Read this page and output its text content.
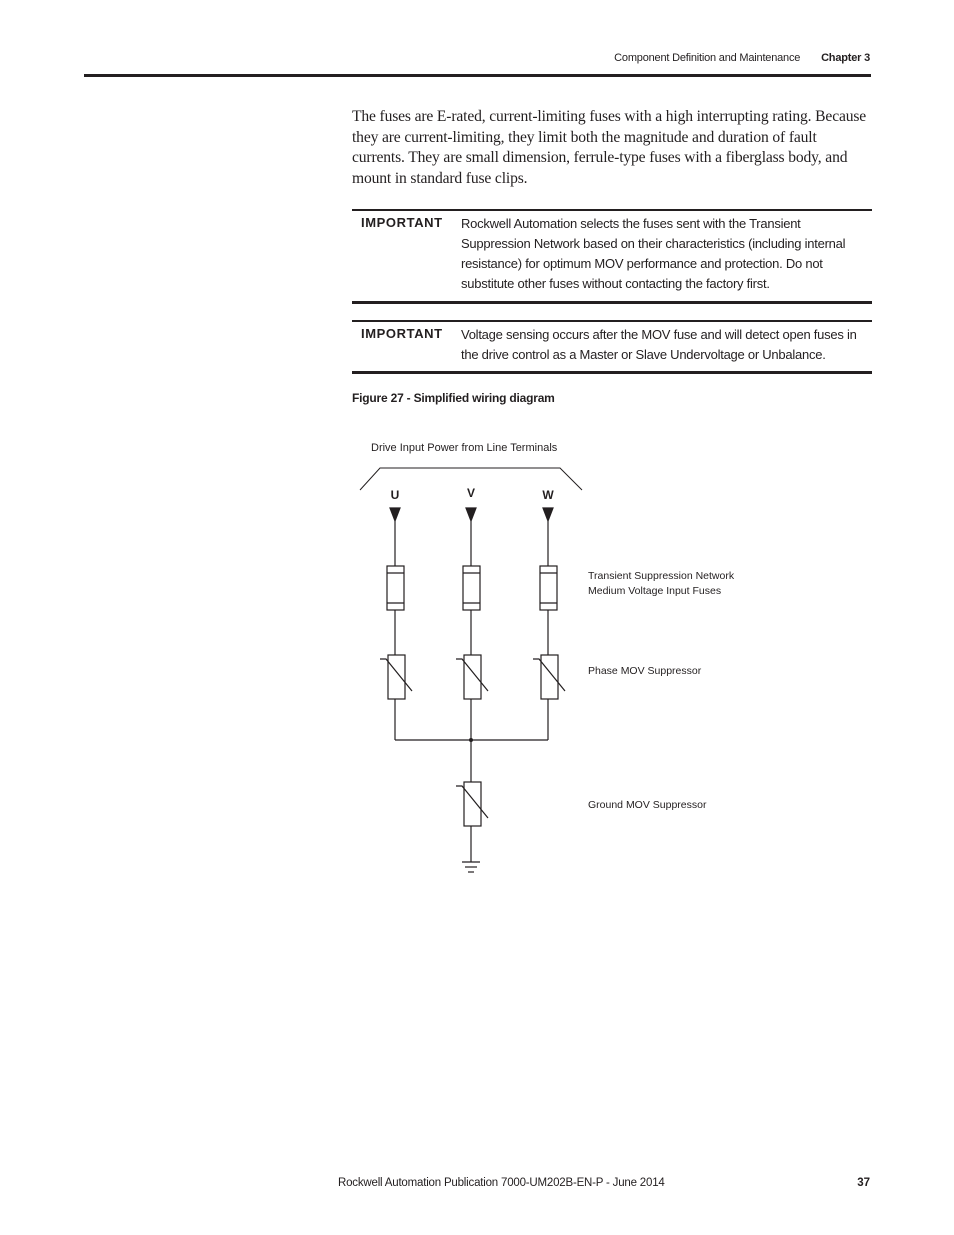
Component Definition and Maintenance Chapter 3

The fuses are E-rated, current-limiting fuses with a high interrupting rating. Because they are current-limiting, they limit both the magnitude and duration of fault currents. They are small dimension, ferrule-type fuses with a fiberglass body, and mount in standard fuse clips.

IMPORTANT Rockwell Automation selects the fuses sent with the Transient Suppression Network based on their characteristics (including internal resistance) for optimum MOV performance and protection. Do not substitute other fuses without contacting the factory first.
IMPORTANT Voltage sensing occurs after the MOV fuse and will detect open fuses in the drive control as a Master or Slave Undervoltage or Unbalance.
Figure 27 - Simplified wiring diagram
Drive Input Power from Line Terminals
U	V	W
Transient Suppression Network
Medium Voltage Input Fuses
Phase MOV Suppressor
Ground MOV Suppressor
Rockwell Automation Publication 7000-UM202B-EN-P - June 2014	37
